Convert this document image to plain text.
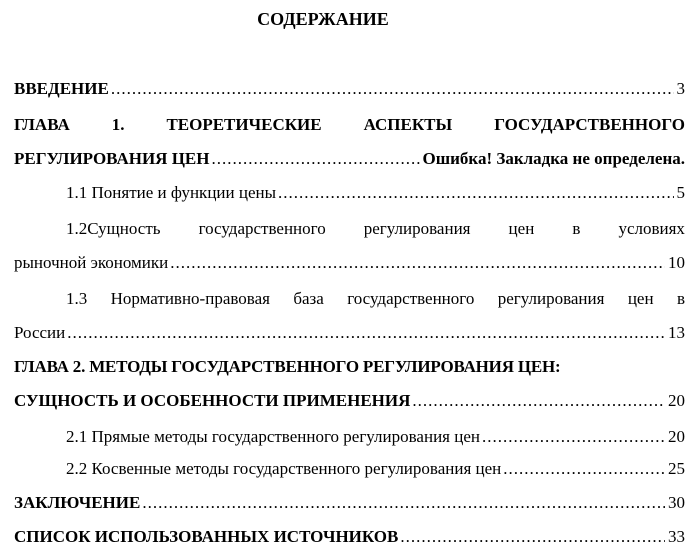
СОДЕРЖАНИЕ
ВВЕДЕНИЕ .....	3
ГЛАВА 1. ТЕОРЕТИЧЕСКИЕ АСПЕКТЫ ГОСУДАРСТВЕННОГО
РЕГУЛИРОВАНИЯ ЦЕН .....	Ошибка! Закладка не определена.
1.1 Понятие и функции цены .....	5
1.2Сущность государственного регулирования цен в условиях
рыночной экономики .....	10
1.3 Нормативно-правовая база государственного регулирования цен в
России .....	13
ГЛАВА 2. МЕТОДЫ ГОСУДАРСТВЕННОГО РЕГУЛИРОВАНИЯ ЦЕН:
СУЩНОСТЬ И ОСОБЕННОСТИ ПРИМЕНЕНИЯ .....	20
2.1 Прямые методы государственного регулирования цен .....	20
2.2 Косвенные методы государственного регулирования цен .....	25
ЗАКЛЮЧЕНИЕ .....	30
СПИСОК ИСПОЛЬЗОВАННЫХ ИСТОЧНИКОВ .....	33
